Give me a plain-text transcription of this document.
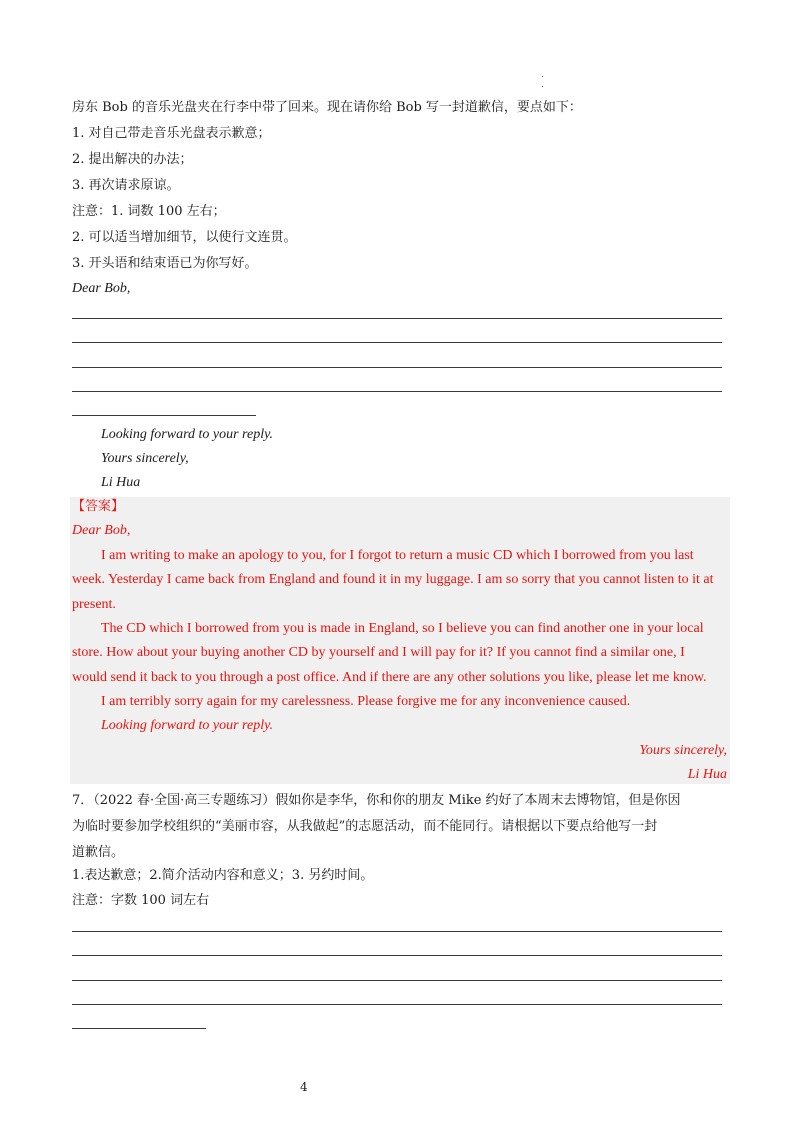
.
.
房东 Bob 的音乐光盘夹在行李中带了回来。现在请你给 Bob 写一封道歉信，要点如下：
1. 对自己带走音乐光盘表示歉意；
2. 提出解决的办法；
3. 再次请求原谅。
注意：1. 词数 100 左右；
2. 可以适当增加细节，以使行文连贯。
3. 开头语和结束语已为你写好。
Dear Bob,
Looking forward to your reply.
Yours sincerely,
Li Hua
【答案】
Dear Bob,
I am writing to make an apology to you, for I forgot to return a music CD which I borrowed from you last
week. Yesterday I came back from England and found it in my luggage. I am so sorry that you cannot listen to it at
present.
The CD which I borrowed from you is made in England, so I believe you can find another one in your local
store. How about your buying another CD by yourself and I will pay for it? If you cannot find a similar one, I
would send it back to you through a post office. And if there are any other solutions you like, please let me know.
I am terribly sorry again for my carelessness. Please forgive me for any inconvenience caused.
Looking forward to your reply.
Yours sincerely,
Li Hua
7．（2022 春·全国·高三专题练习）假如你是李华，你和你的朋友 Mike 约好了本周末去博物馆，但是你因
为临时要参加学校组织的“美丽市容，从我做起”的志愿活动，而不能同行。请根据以下要点给他写一封
道歉信。
1.表达歉意；2.简介活动内容和意义；3. 另约时间。
注意：字数 100 词左右
4
